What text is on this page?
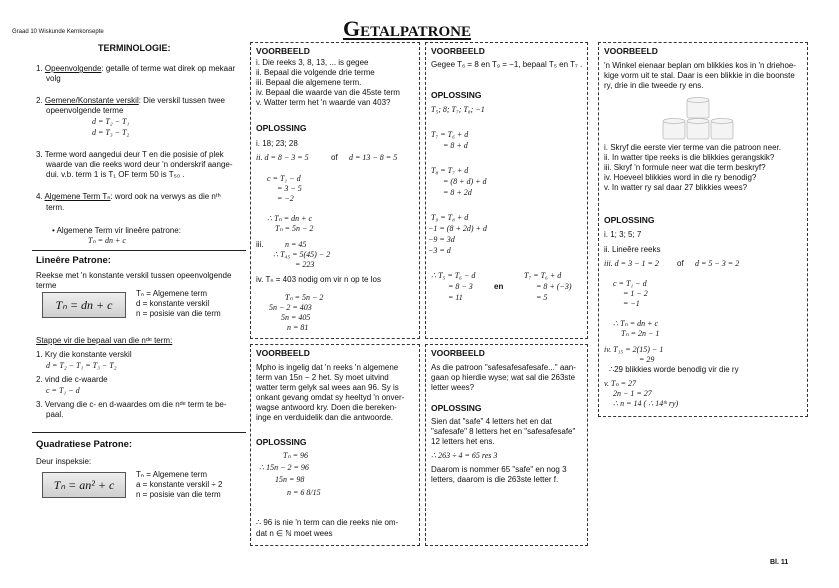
Graad 10 Wiskunde Kernkonsepte	Getalpatrone
Bl. 11
TERMINOLOGIE:
1. Opeenvolgende: getalle of terme wat direk op mekaar
volg
2. Gemene/Konstante verskil: Die verskil tussen twee
opeenvolgende terme
d = T₂ − T₁
d = T₃ − T₂
3. Terme word aangedui deur T en die posisie of plek
waarde van die reeks word deur 'n onderskrif aange-
dui. v.b. term 1 is T₁ OF term 50 is T₅₀ .
4. Algemene Term Tₙ: word ook na verwys as die nᵗʰ
term.
• Algemene Term vir lineêre patrone:
Tₙ = dn + c
Lineêre Patrone:
Reekse met 'n konstante verskil tussen opeenvolgende
terme
Tₙ = dn + c
Tₙ = Algemene term
d = konstante verskil
n = posisie van die term
Stappe vir die bepaal van die nᵈᵉ term:
1. Kry die konstante verskil
d = T₂ − T₁ = T₃ − T₂
2. vind die c-waarde
c = T₁ − d
3. Vervang die c- en d-waardes om die nᵈᵉ term te be-
paal.
Quadratiese Patrone:
Deur inspeksie:
Tₙ = an² + c
Tₙ = Algemene term
a = konstante verskil ÷ 2
n = posisie van die term
VOORBEELD
i. Die reeks 3, 8, 13, ... is gegee
ii. Bepaal die volgende drie terme
iii. Bepaal die algemene term.
iv. Bepaal die waarde van die 45ste term
v. Watter term het 'n waarde van 403?
OPLOSSING
i. 18; 23; 28
ii. d = 8 − 3 = 5	of d = 13 − 8 = 5
c = T₁ − d
= 3 − 5
= −2
∴ Tₙ = dn + c
Tₙ = 5n − 2
iii.	n = 45
∴ T₄₅ = 5(45) − 2
= 223
iv. Tₙ = 403 nodig om vir n op te los
Tₙ = 5n − 2
5n − 2 = 403
5n = 405
n = 81
VOORBEELD
Gegee T₆ = 8 en T₉ = −1, bepaal T₅ en T₇ .
OPLOSSING
T₅; 8; T₇; T₈; −1
T₇ = T₆ + d
= 8 + d
T₈ = T₇ + d
= (8 + d) + d
= 8 + 2d
T₉ = T₈ + d
−1 = (8 + 2d) + d
−9 = 3d
−3 = d
∴ T₅ = T₆ − d
= 8 − 3
= 11
en
T₇ = T₆ + d
= 8 + (−3)
= 5
VOORBEELD
Mpho is ingelig dat 'n reeks 'n algemene
term van 15n − 2 het. Sy moet uitvind
watter term gelyk sal wees aan 96. Sy is
onkant gevang omdat sy heeltyd 'n onver-
wagse antwoord kry. Doen die bereken-
inge en verduidelik dan die antwoorde.
OPLOSSING
Tₙ = 96
∴ 15n − 2 = 96
15n = 98
n = 6 8/15
∴ 96 is nie 'n term can die reeks nie om-
dat n ∈ ℕ moet wees
VOORBEELD
As die patroon "safesafesafesafe..." aan-
gaan op hierdie wyse; wat sal die 263ste
letter wees?
OPLOSSING
Sien dat "safe" 4 letters het en dat
"safesafe" 8 letters het en "safesafesafe"
12 letters het ens.
∴ 263 ÷ 4 = 65 res 3
Daarom is nommer 65 "safe" en nog 3
letters, daarom is die 263ste letter f.
VOORBEELD
'n Winkel eienaar beplan om blikkies kos in 'n driehoe-
kige vorm uit te stal. Daar is een blikkie in die boonste
ry, drie in die tweede ry ens.
i. Skryf die eerste vier terme van die patroon neer.
ii. In watter tipe reeks is die blikkies gerangskik?
iii. Skryf 'n formule neer wat die term beskryf?
iv. Hoeveel blikkies word in die ry benodig?
v. In watter ry sal daar 27 blikkies wees?
OPLOSSING
i. 1; 3; 5; 7
ii. Lineêre reeks
iii. d = 3 − 1 = 2 of d = 5 − 3 = 2
c = T₁ − d
= 1 − 2
= −1
∴ Tₙ = dn + c
Tₙ = 2n − 1
iv. T₁₅ = 2(15) − 1
= 29
∴29 blikkies worde benodig vir die ry
v. Tₙ = 27
2n − 1 = 27
∴ n = 14 ( ∴ 14ᵗʰ ry)
